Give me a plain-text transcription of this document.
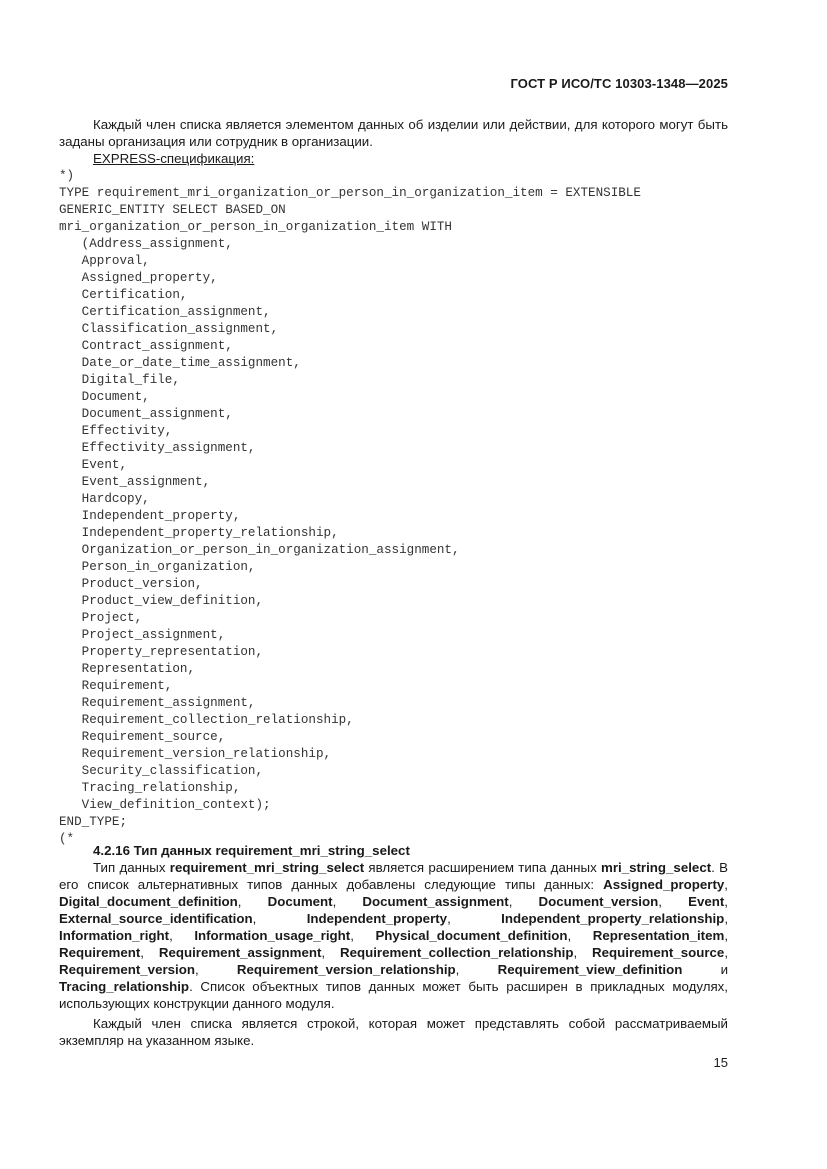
ГОСТ Р ИСО/ТС 10303-1348—2025
Каждый член списка является элементом данных об изделии или действии, для которого могут быть заданы организация или сотрудник в организации.
EXPRESS-спецификация:
*)
TYPE requirement_mri_organization_or_person_in_organization_item = EXTENSIBLE
GENERIC_ENTITY SELECT BASED_ON
mri_organization_or_person_in_organization_item WITH
(Address_assignment,
Approval,
Assigned_property,
Certification,
Certification_assignment,
Classification_assignment,
Contract_assignment,
Date_or_date_time_assignment,
Digital_file,
Document,
Document_assignment,
Effectivity,
Effectivity_assignment,
Event,
Event_assignment,
Hardcopy,
Independent_property,
Independent_property_relationship,
Organization_or_person_in_organization_assignment,
Person_in_organization,
Product_version,
Product_view_definition,
Project,
Project_assignment,
Property_representation,
Representation,
Requirement,
Requirement_assignment,
Requirement_collection_relationship,
Requirement_source,
Requirement_version_relationship,
Security_classification,
Tracing_relationship,
View_definition_context);
END_TYPE;
(*
4.2.16 Тип данных requirement_mri_string_select

Тип данных requirement_mri_string_select является расширением типа данных mri_string_select. В его список альтернативных типов данных добавлены следующие типы данных: Assigned_property, Digital_document_definition, Document, Document_assignment, Document_version, Event, External_source_identification, Independent_property, Independent_property_relationship, Information_right, Information_usage_right, Physical_document_definition, Representation_item, Requirement, Requirement_assignment, Requirement_collection_relationship, Requirement_source, Requirement_version, Requirement_version_relationship, Requirement_view_definition и Tracing_relationship. Список объектных типов данных может быть расширен в прикладных модулях, использующих конструкции данного модуля.

Каждый член списка является строкой, которая может представлять собой рассматриваемый экземпляр на указанном языке.

15
